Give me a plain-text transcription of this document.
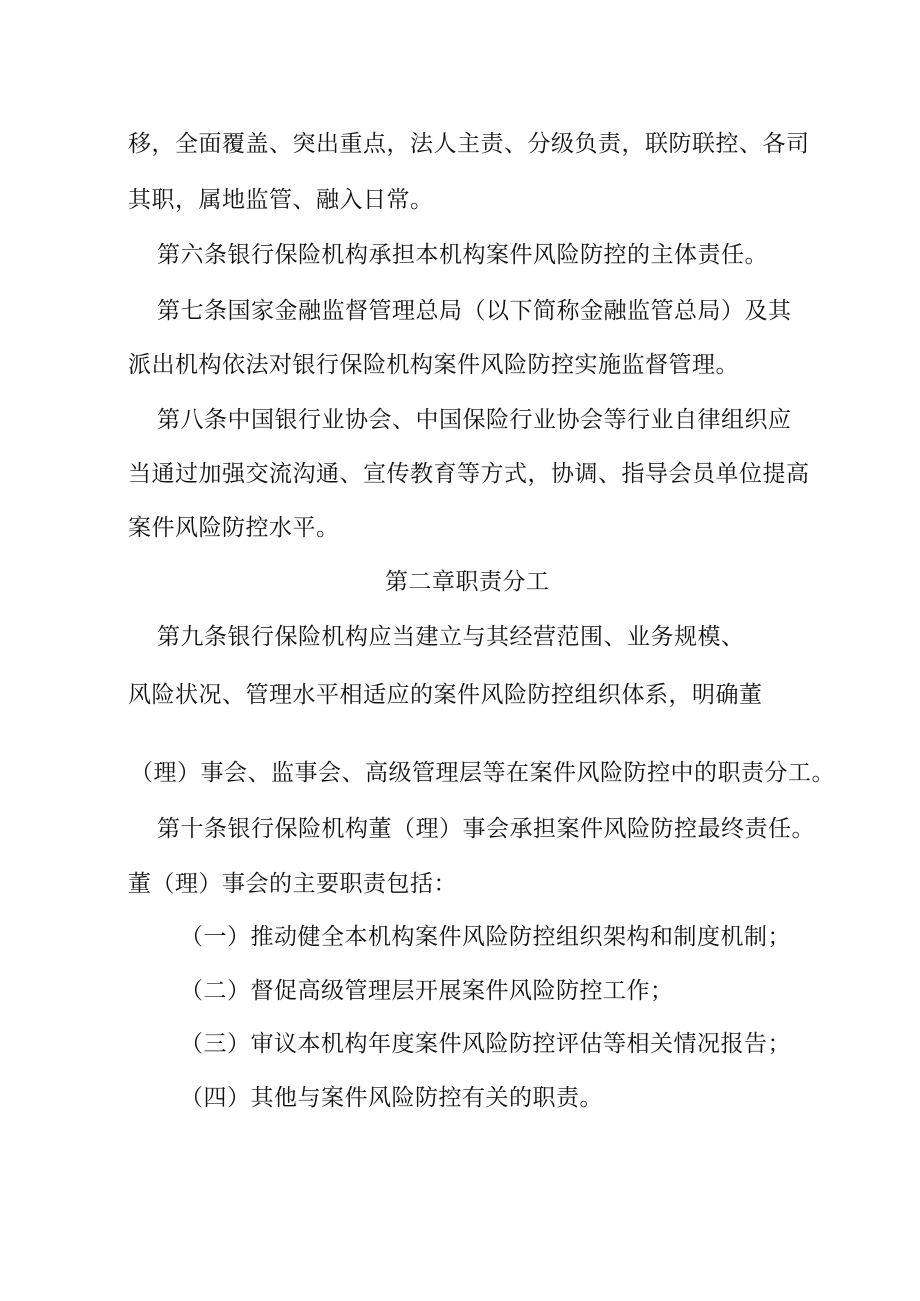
移，全面覆盖、突出重点，法人主责、分级负责，联防联控、各司
其职，属地监管、融入日常。
第六条银行保险机构承担本机构案件风险防控的主体责任。
第七条国家金融监督管理总局（以下简称金融监管总局）及其
派出机构依法对银行保险机构案件风险防控实施监督管理。
第八条中国银行业协会、中国保险行业协会等行业自律组织应
当通过加强交流沟通、宣传教育等方式，协调、指导会员单位提高
案件风险防控水平。
第二章职责分工
第九条银行保险机构应当建立与其经营范围、业务规模、
风险状况、管理水平相适应的案件风险防控组织体系，明确董
（理）事会、监事会、高级管理层等在案件风险防控中的职责分工。
第十条银行保险机构董（理）事会承担案件风险防控最终责任。
董（理）事会的主要职责包括：
（一）推动健全本机构案件风险防控组织架构和制度机制；
（二）督促高级管理层开展案件风险防控工作；
（三）审议本机构年度案件风险防控评估等相关情况报告；
（四）其他与案件风险防控有关的职责。
